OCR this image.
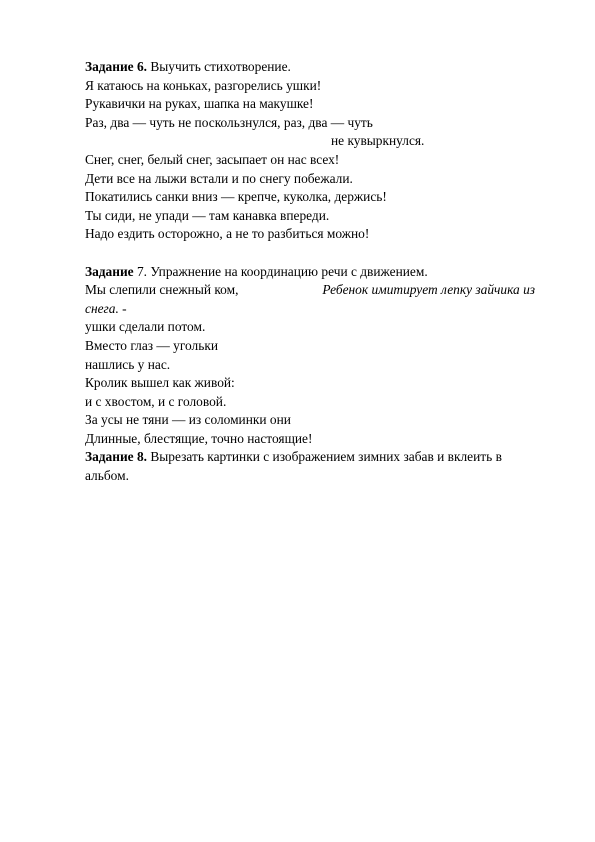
Задание 6. Выучить стихотворение.
Я катаюсь на коньках, разгорелись ушки!
Рукавички на руках, шапка на макушке!
Раз, два — чуть не поскользнулся, раз, два — чуть
не кувыркнулся.
Снег, снег, белый снег, засыпает он нас всех!
Дети все на лыжи встали и по снегу побежали.
Покатились санки вниз — крепче, куколка, держись!
Ты сиди, не упади — там канавка впереди.
Надо ездить осторожно, а не то разбиться можно!
Задание 7. Упражнение на координацию речи с движением.
Мы слепили снежный ком,	Ребенок имитирует лепку зайчика из
снега. -
ушки сделали потом.
Вместо глаз — угольки
нашлись у нас.
Кролик вышел как живой:
и с хвостом, и с головой.
За усы не тяни — из соломинки они
Длинные, блестящие, точно настоящие!
Задание 8. Вырезать картинки с изображением зимних забав и вклеить в альбом.
